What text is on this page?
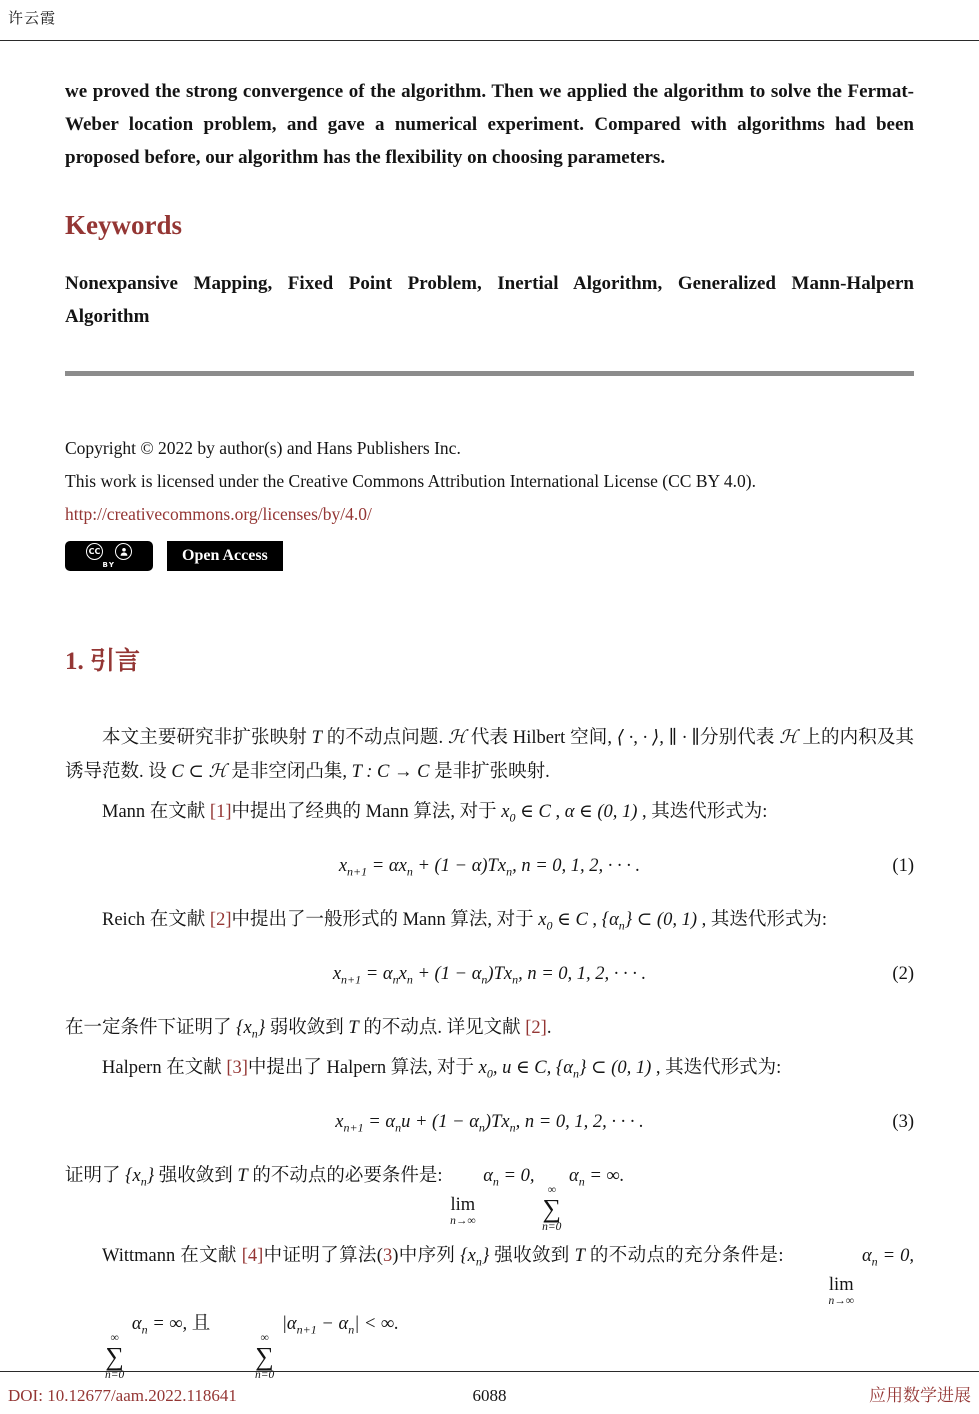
许云霞

we proved the strong convergence of the algorithm. Then we applied the algorithm to solve the Fermat-Weber location problem, and gave a numerical experiment. Compared with algorithms had been proposed before, our algorithm has the flexibility on choosing parameters.

Keywords

Nonexpansive Mapping, Fixed Point Problem, Inertial Algorithm, Generalized Mann-Halpern Algorithm

Copyright © 2022 by author(s) and Hans Publishers Inc.
This work is licensed under the Creative Commons Attribution International License (CC BY 4.0).
http://creativecommons.org/licenses/by/4.0/
CC
BY
Open Access
1. 引言

本文主要研究非扩张映射 T 的不动点问题. ℋ 代表 Hilbert 空间, ⟨ ·, · ⟩, ∥ · ∥分别代表 ℋ 上的内积及其诱导范数. 设 C ⊂ ℋ 是非空闭凸集, T : C → C 是非扩张映射.

Mann 在文献 [1]中提出了经典的 Mann 算法, 对于 $x_0$ ∈ C , α ∈ (0, 1) , 其迭代形式为:

$x_{n+1} = \alpha x_n + (1 - \alpha)Tx_n$, n = 0, 1, 2, · · · .	(1)

Reich 在文献 [2]中提出了一般形式的 Mann 算法, 对于 $x_0$ ∈ C , $\{\alpha_n\}$ ⊂ (0, 1) , 其迭代形式为:

$x_{n+1} = \alpha_nx_n + (1 - \alpha_n)Tx_n$, n = 0, 1, 2, · · · .	(2)

在一定条件下证明了 $\{x_n\}$ 弱收敛到 T 的不动点. 详见文献 [2].

Halpern 在文献 [3]中提出了 Halpern 算法, 对于 $x_0$, u ∈ C, $\{\alpha_n\}$ ⊂ (0, 1) , 其迭代形式为:

$x_{n+1} = \alpha_nu + (1 - \alpha_n)Tx_n$, n = 0, 1, 2, · · · .	(3)

证明了 $\{x_n\}$ 强收敛到 T 的不动点的必要条件是:

lim
n→∞
$\alpha_n = 0$,
∞
∑
n=0
$\alpha_n$ = ∞.

Wittmann 在文献 [4]中证明了算法(3)中序列 $\{x_n\}$ 强收敛到 T 的不动点的充分条件是:

lim
n→∞
$\alpha_n = 0$,
∞
∑
n=0
$\alpha_n$ = ∞, 且
∞
∑
n=0
$|\alpha_{n+1} - \alpha_n|$ < ∞.

DOI: 10.12677/aam.2022.118641	6088	应用数学进展
